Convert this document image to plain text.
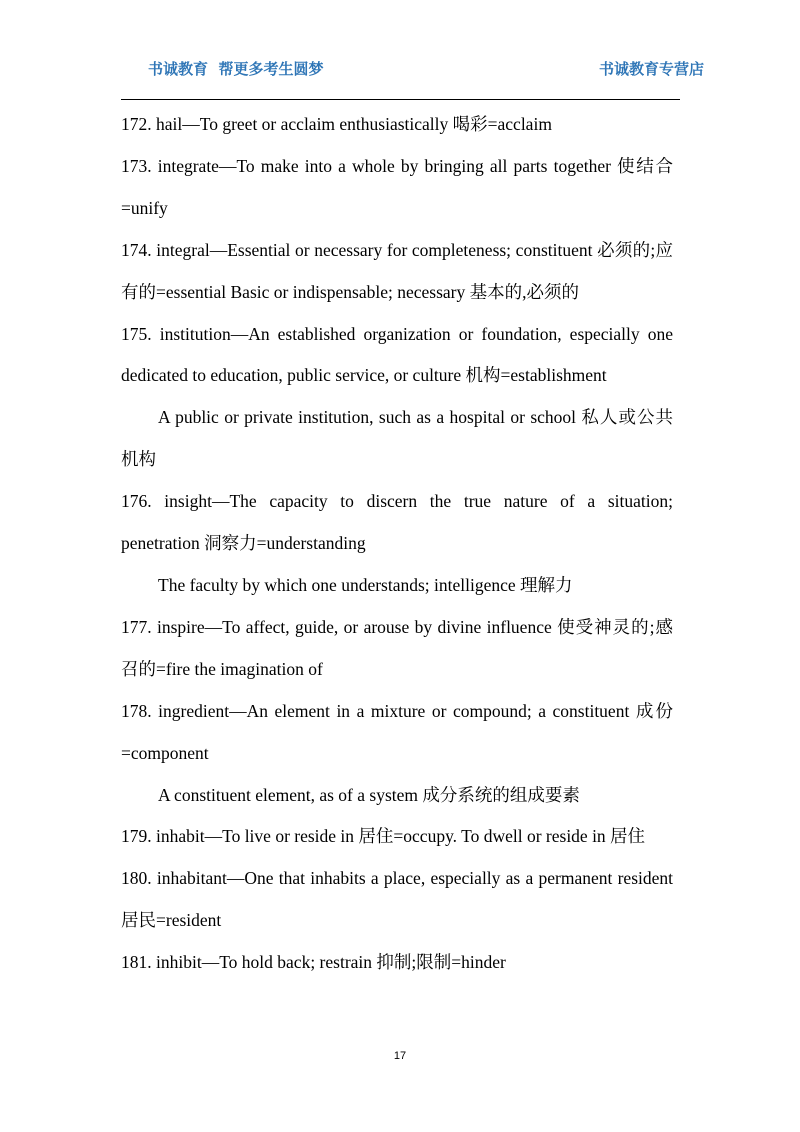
书诚教育  帮更多考生圆梦	书诚教育专营店

172. hail—To greet or acclaim enthusiastically 喝彩=acclaim

173. integrate—To make into a whole by bringing all parts together 使结合=unify

174. integral—Essential or necessary for completeness; constituent 必须的;应有的=essential Basic or indispensable; necessary 基本的,必须的

175. institution—An established organization or foundation, especially one dedicated to education, public service, or culture 机构=establishment

A public or private institution, such as a hospital or school 私人或公共机构

176. insight—The capacity to discern the true nature of a situation; penetration 洞察力=understanding

The faculty by which one understands; intelligence 理解力

177. inspire—To affect, guide, or arouse by divine influence 使受神灵的;感召的=fire the imagination of

178. ingredient—An element in a mixture or compound; a constituent 成份=component

A constituent element, as of a system 成分系统的组成要素

179. inhabit—To live or reside in 居住=occupy. To dwell or reside in 居住

180. inhabitant—One that inhabits a place, especially as a permanent resident 居民=resident

181. inhibit—To hold back; restrain 抑制;限制=hinder

17
